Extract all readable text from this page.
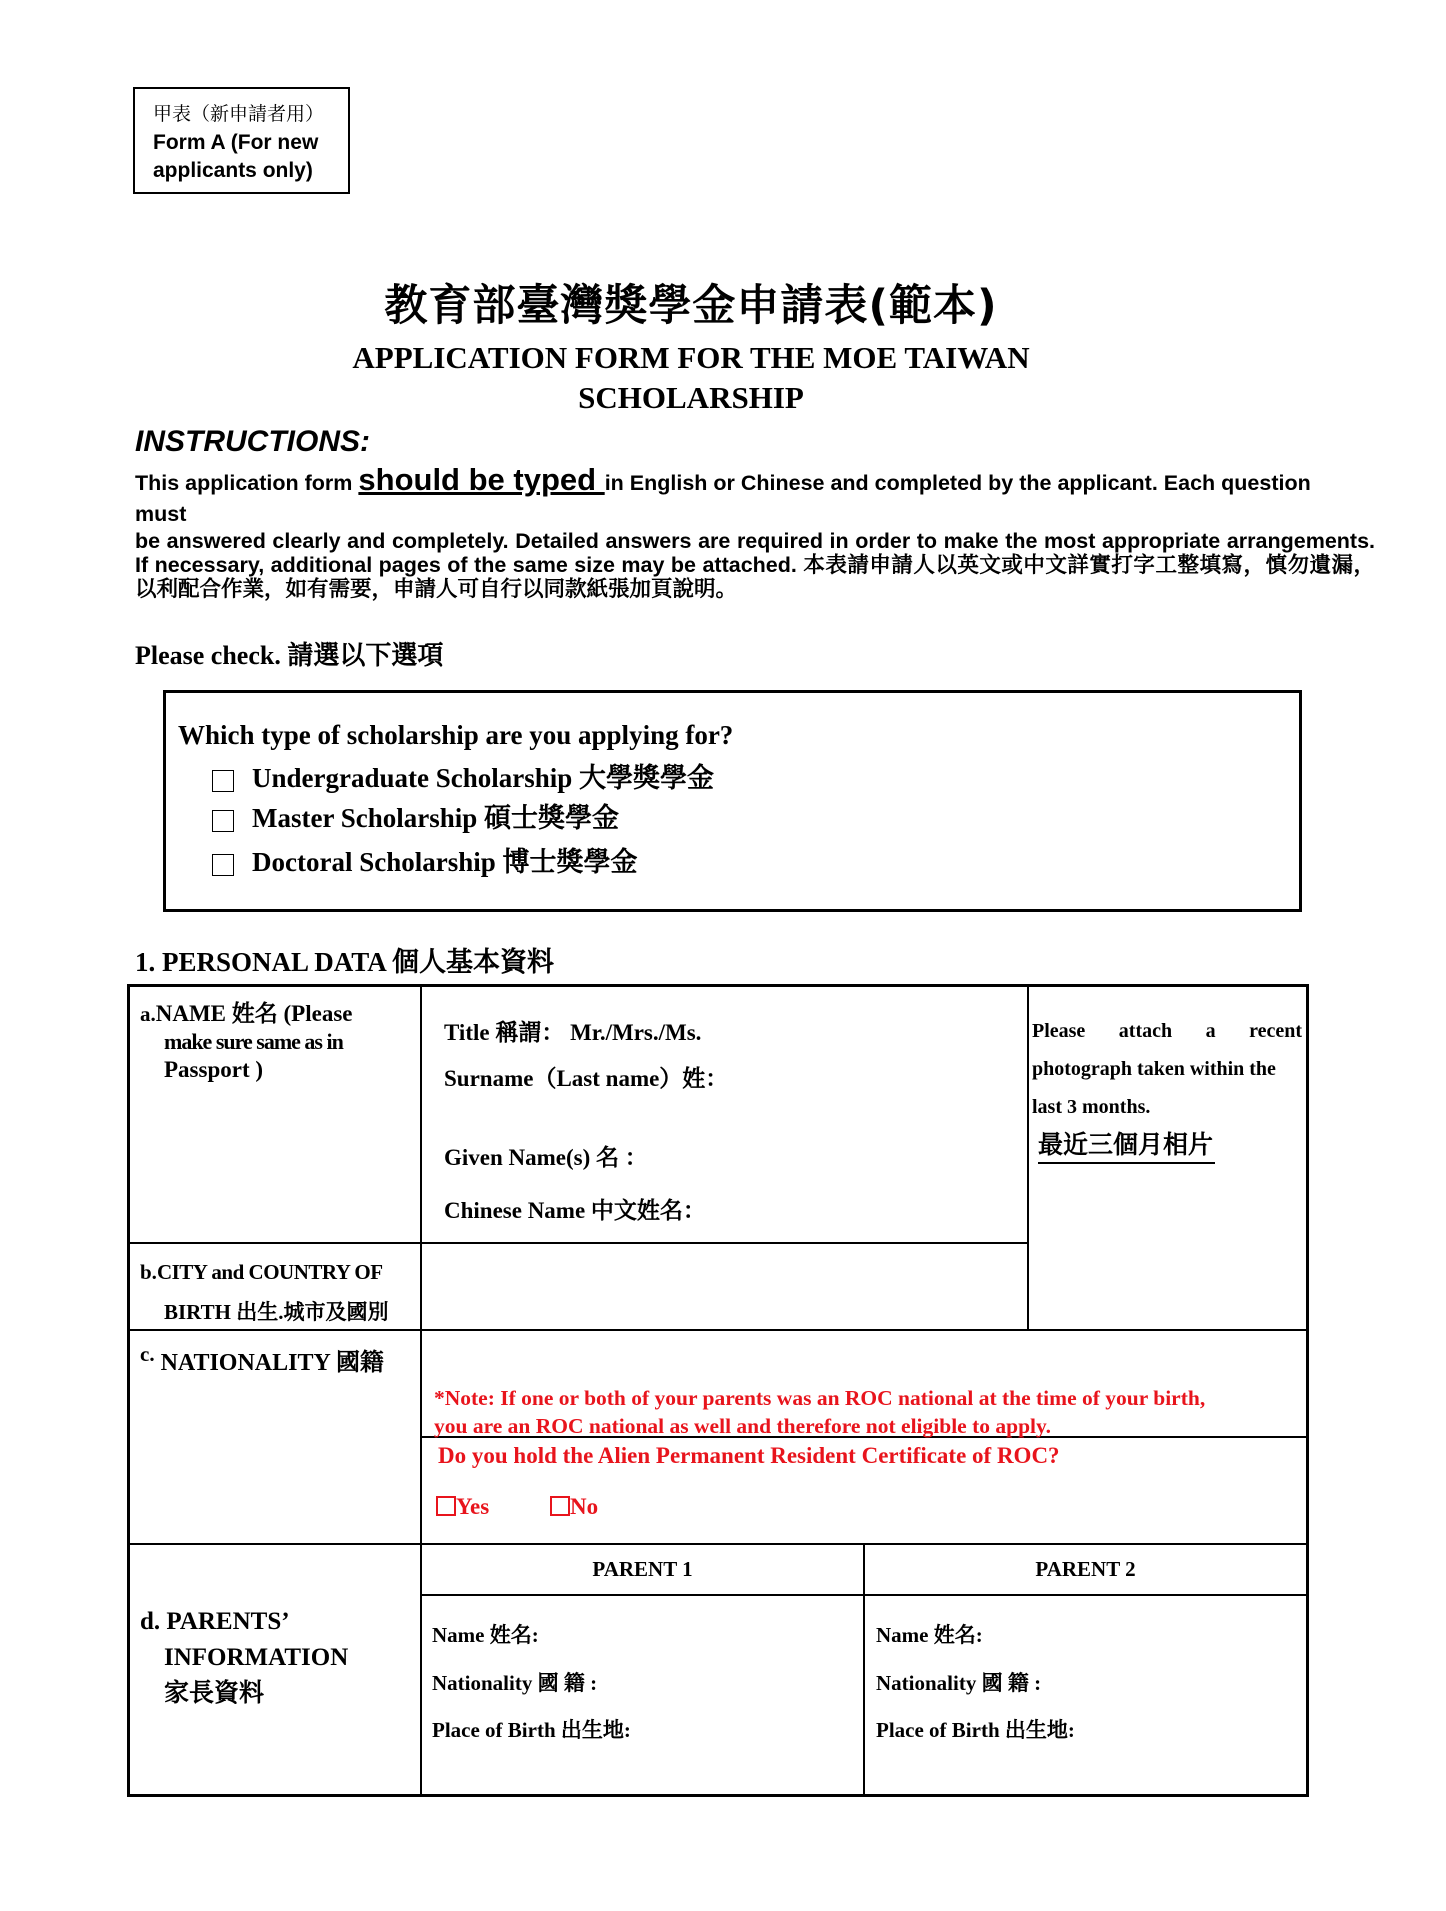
甲表（新申請者用）
Form A (For new
applicants only)
教育部臺灣獎學金申請表(範本)
APPLICATION FORM FOR THE MOE TAIWAN
SCHOLARSHIP
INSTRUCTIONS:
This application form should be typed in English or Chinese and completed by the applicant. Each question
must
be answered clearly and completely. Detailed answers are required in order to make the most appropriate arrangements. If necessary, additional pages of the same size may be attached. 本表請申請人以英文或中文詳實打字工整填寫，慎勿遺漏，以利配合作業，如有需要，申請人可自行以同款紙張加頁說明。
Please check. 請選以下選項
Which type of scholarship are you applying for?
Undergraduate Scholarship 大學獎學金
Master Scholarship 碩士獎學金
Doctoral Scholarship 博士獎學金
1. PERSONAL DATA 個人基本資料
a.NAME 姓名 (Please
make sure same as in
Passport )
Title 稱謂： Mr./Mrs./Ms.
Surname（Last name）姓：
Given Name(s) 名 ：
Chinese Name 中文姓名：
Please attach a recent
photograph taken within the
last 3 months.
最近三個月相片
b.CITY and COUNTRY OF
BIRTH 出生.城市及國別
c. NATIONALITY 國籍
*Note: If one or both of your parents was an ROC national at the time of your birth,
you are an ROC national as well and therefore not eligible to apply.
Do you hold the Alien Permanent Resident Certificate of ROC?
Yes	No
d. PARENTS’
INFORMATION
家長資料
PARENT 1	PARENT 2
Name 姓名:
Nationality 國 籍 :
Place of Birth 出生地:
Name 姓名:
Nationality 國 籍 :
Place of Birth 出生地:
